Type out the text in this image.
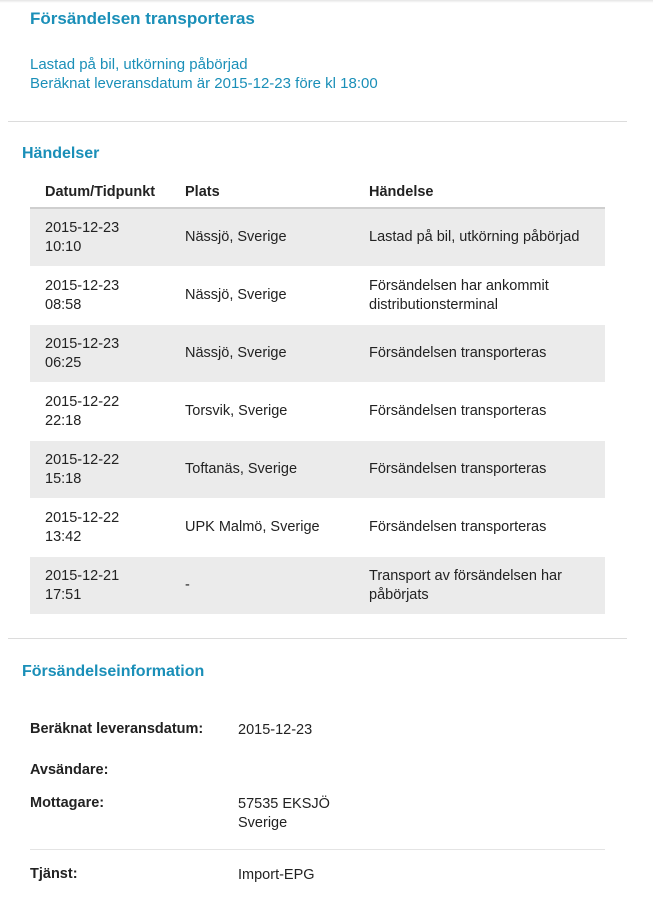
Försändelsen transporteras
Lastad på bil, utkörning påbörjad
Beräknat leveransdatum är 2015-12-23 före kl 18:00
Händelser
Datum/Tidpunkt	Plats	Händelse

2015-12-23
10:10	Nässjö, Sverige	Lastad på bil, utkörning påbörjad

2015-12-23
08:58	Nässjö, Sverige	Försändelsen har ankommit distributionsterminal

2015-12-23
06:25	Nässjö, Sverige	Försändelsen transporteras

2015-12-22
22:18	Torsvik, Sverige	Försändelsen transporteras

2015-12-22
15:18	Toftanäs, Sverige	Försändelsen transporteras

2015-12-22
13:42	UPK Malmö, Sverige	Försändelsen transporteras

2015-12-21
17:51	-	Transport av försändelsen har påbörjats
Försändelseinformation
Beräknat leveransdatum: 2015-12-23
Avsändare:
Mottagare:	57535 EKSJÖ
Sverige
Tjänst:	Import-EPG
